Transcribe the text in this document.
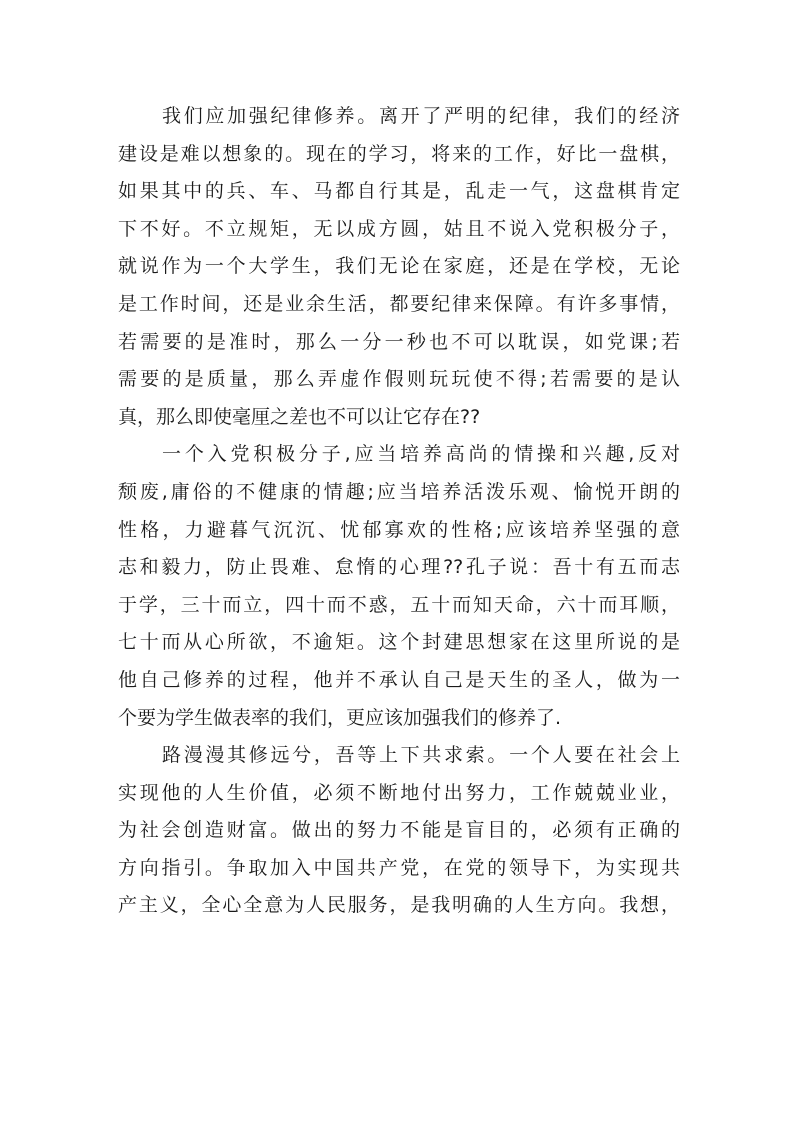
我们应加强纪律修养。离开了严明的纪律，我们的经济
建设是难以想象的。现在的学习，将来的工作，好比一盘棋，
如果其中的兵、车、马都自行其是，乱走一气，这盘棋肯定
下不好。不立规矩，无以成方圆，姑且不说入党积极分子，
就说作为一个大学生，我们无论在家庭，还是在学校，无论
是工作时间，还是业余生活，都要纪律来保障。有许多事情，
若需要的是准时，那么一分一秒也不可以耽误，如党课;若
需要的是质量，那么弄虚作假则玩玩使不得;若需要的是认
真，那么即使毫厘之差也不可以让它存在??
一个入党积极分子,应当培养高尚的情操和兴趣,反对
颓废,庸俗的不健康的情趣;应当培养活泼乐观、愉悦开朗的
性格，力避暮气沉沉、忧郁寡欢的性格;应该培养坚强的意
志和毅力，防止畏难、怠惰的心理??孔子说：吾十有五而志
于学，三十而立，四十而不惑，五十而知天命，六十而耳顺，
七十而从心所欲，不逾矩。这个封建思想家在这里所说的是
他自己修养的过程，他并不承认自己是天生的圣人，做为一
个要为学生做表率的我们，更应该加强我们的修养了.
路漫漫其修远兮，吾等上下共求索。一个人要在社会上
实现他的人生价值，必须不断地付出努力，工作兢兢业业，
为社会创造财富。做出的努力不能是盲目的，必须有正确的
方向指引。争取加入中国共产党，在党的领导下，为实现共
产主义，全心全意为人民服务，是我明确的人生方向。我想，
